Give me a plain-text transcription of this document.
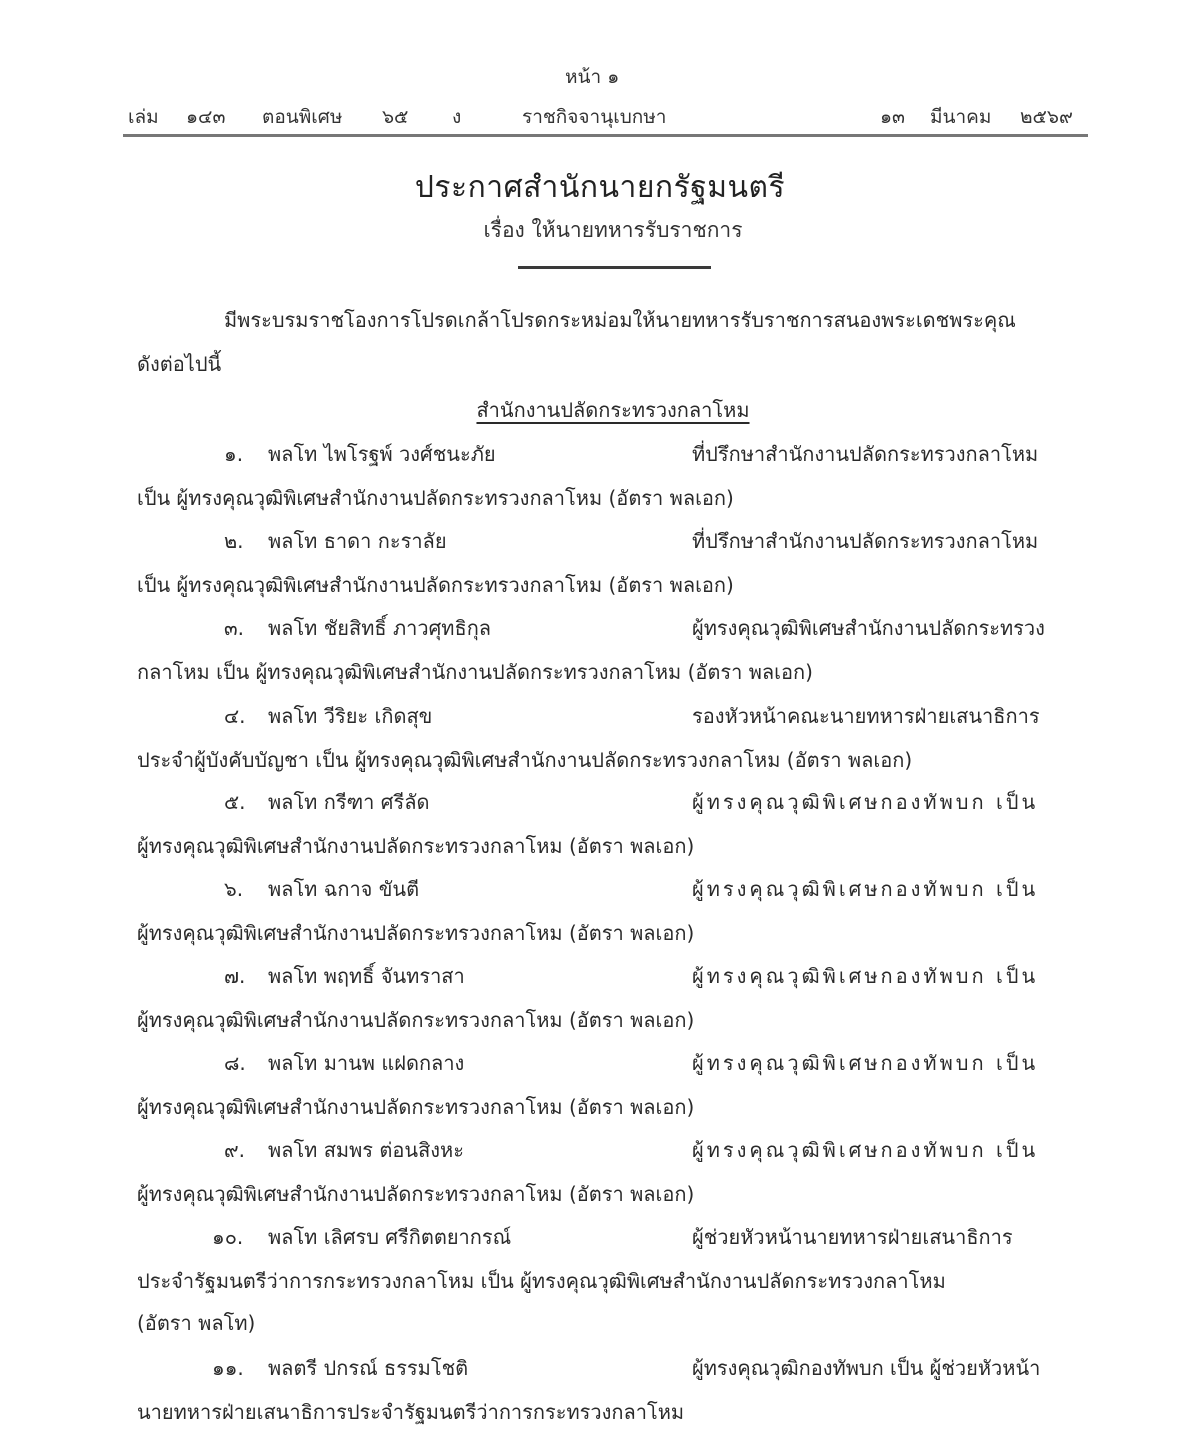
หน้า ๑
เล่ม ๑๔๓ ตอนพิเศษ ๖๕ ง	ราชกิจจานุเบกษา	๑๓ มีนาคม ๒๕๖๙
ประกาศสำนักนายกรัฐมนตรี
เรื่อง ให้นายทหารรับราชการ
มีพระบรมราชโองการโปรดเกล้าโปรดกระหม่อมให้นายทหารรับราชการสนองพระเดชพระคุณ
ดังต่อไปนี้
สำนักงานปลัดกระทรวงกลาโหม
๑. พลโท ไพโรฐพ์ วงศ์ชนะภัย	ที่ปรึกษาสำนักงานปลัดกระทรวงกลาโหม
เป็น ผู้ทรงคุณวุฒิพิเศษสำนักงานปลัดกระทรวงกลาโหม (อัตรา พลเอก)
๒. พลโท ธาดา กะราลัย	ที่ปรึกษาสำนักงานปลัดกระทรวงกลาโหม
เป็น ผู้ทรงคุณวุฒิพิเศษสำนักงานปลัดกระทรวงกลาโหม (อัตรา พลเอก)
๓. พลโท ชัยสิทธิ์ ภาวศุทธิกุล	ผู้ทรงคุณวุฒิพิเศษสำนักงานปลัดกระทรวง
กลาโหม เป็น ผู้ทรงคุณวุฒิพิเศษสำนักงานปลัดกระทรวงกลาโหม (อัตรา พลเอก)
๔. พลโท วีริยะ เกิดสุข	รองหัวหน้าคณะนายทหารฝ่ายเสนาธิการ
ประจำผู้บังคับบัญชา เป็น ผู้ทรงคุณวุฒิพิเศษสำนักงานปลัดกระทรวงกลาโหม (อัตรา พลเอก)
๕. พลโท กรีฑา ศรีลัด	ผู้ทรงคุณวุฒิพิเศษกองทัพบก เป็น
ผู้ทรงคุณวุฒิพิเศษสำนักงานปลัดกระทรวงกลาโหม (อัตรา พลเอก)
๖. พลโท ฉกาจ ขันตี	ผู้ทรงคุณวุฒิพิเศษกองทัพบก เป็น
ผู้ทรงคุณวุฒิพิเศษสำนักงานปลัดกระทรวงกลาโหม (อัตรา พลเอก)
๗. พลโท พฤทธิ์ จันทราสา	ผู้ทรงคุณวุฒิพิเศษกองทัพบก เป็น
ผู้ทรงคุณวุฒิพิเศษสำนักงานปลัดกระทรวงกลาโหม (อัตรา พลเอก)
๘. พลโท มานพ แฝดกลาง	ผู้ทรงคุณวุฒิพิเศษกองทัพบก เป็น
ผู้ทรงคุณวุฒิพิเศษสำนักงานปลัดกระทรวงกลาโหม (อัตรา พลเอก)
๙. พลโท สมพร ต่อนสิงหะ	ผู้ทรงคุณวุฒิพิเศษกองทัพบก เป็น
ผู้ทรงคุณวุฒิพิเศษสำนักงานปลัดกระทรวงกลาโหม (อัตรา พลเอก)
๑๐. พลโท เลิศรบ ศรีกิตตยากรณ์	ผู้ช่วยหัวหน้านายทหารฝ่ายเสนาธิการ
ประจำรัฐมนตรีว่าการกระทรวงกลาโหม เป็น ผู้ทรงคุณวุฒิพิเศษสำนักงานปลัดกระทรวงกลาโหม
(อัตรา พลโท)
๑๑. พลตรี ปกรณ์ ธรรมโชติ	ผู้ทรงคุณวุฒิกองทัพบก เป็น ผู้ช่วยหัวหน้า
นายทหารฝ่ายเสนาธิการประจำรัฐมนตรีว่าการกระทรวงกลาโหม
